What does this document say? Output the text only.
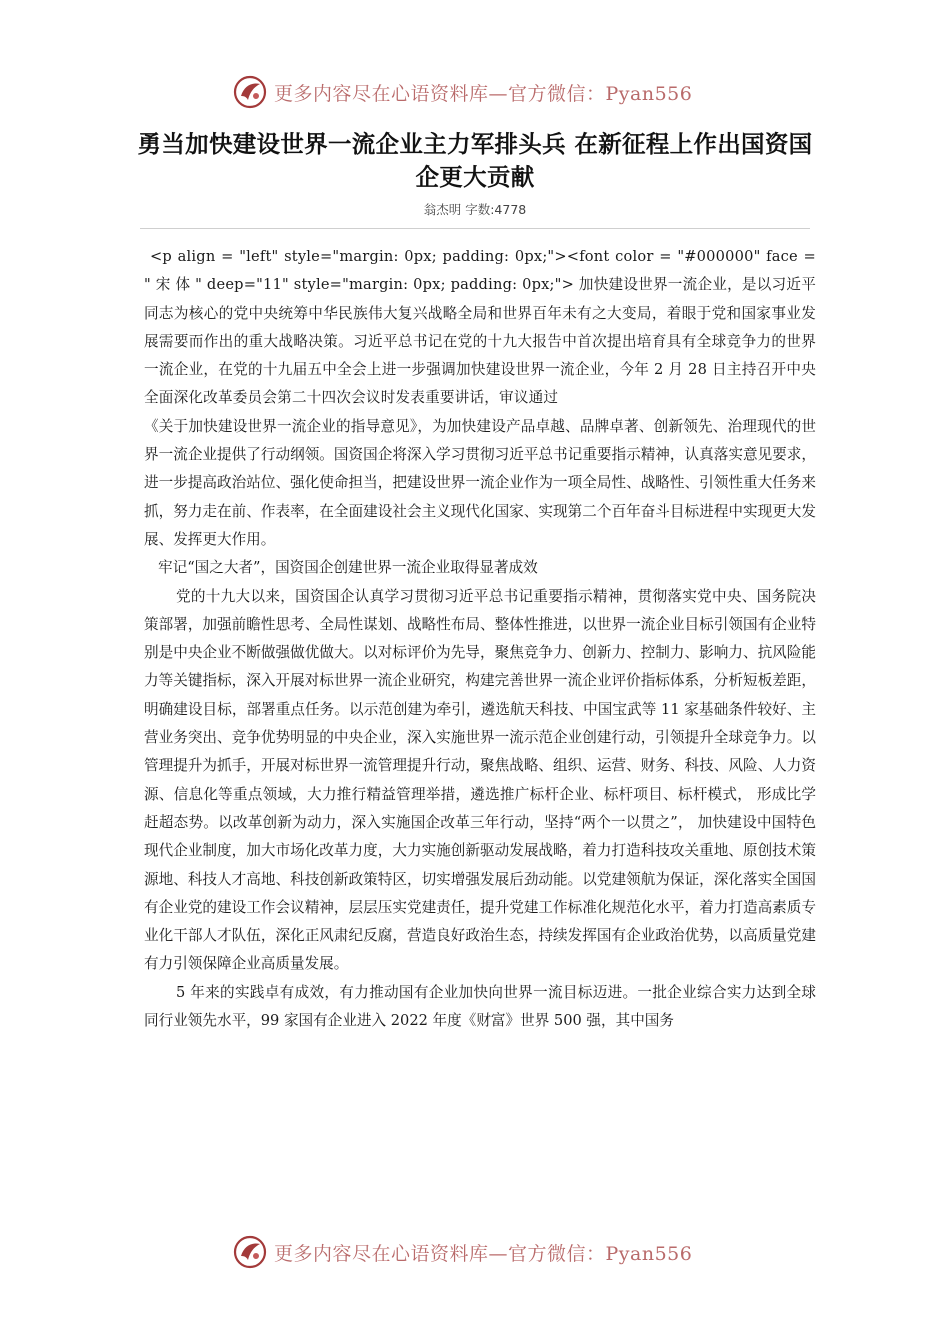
更多内容尽在心语资料库—官方微信：Pyan556
勇当加快建设世界一流企业主力军排头兵 在新征程上作出国资国企更大贡献
翁杰明 字数:4778

<p align = "left" style="margin: 0px; padding: 0px;"><font color = "#000000" face = " 宋 体 " deep="11" style="margin: 0px; padding: 0px;"> 加快建设世界一流企业，是以习近平同志为核心的党中央统筹中华民族伟大复兴战略全局和世界百年未有之大变局，着眼于党和国家事业发展需要而作出的重大战略决策。习近平总书记在党的十九大报告中首次提出培育具有全球竞争力的世界一流企业，在党的十九届五中全会上进一步强调加快建设世界一流企业，今年 2 月 28 日主持召开中央全面深化改革委员会第二十四次会议时发表重要讲话，审议通过

《关于加快建设世界一流企业的指导意见》，为加快建设产品卓越、品牌卓著、创新领先、治理现代的世界一流企业提供了行动纲领。国资国企将深入学习贯彻习近平总书记重要指示精神，认真落实意见要求，进一步提高政治站位、强化使命担当，把建设世界一流企业作为一项全局性、战略性、引领性重大任务来抓，努力走在前、作表率，在全面建设社会主义现代化国家、实现第二个百年奋斗目标进程中实现更大发展、发挥更大作用。

牢记“国之大者”，国资国企创建世界一流企业取得显著成效

党的十九大以来，国资国企认真学习贯彻习近平总书记重要指示精神，贯彻落实党中央、国务院决策部署，加强前瞻性思考、全局性谋划、战略性布局、整体性推进，以世界一流企业目标引领国有企业特别是中央企业不断做强做优做大。以对标评价为先导，聚焦竞争力、创新力、控制力、影响力、抗风险能力等关键指标，深入开展对标世界一流企业研究，构建完善世界一流企业评价指标体系，分析短板差距，明确建设目标，部署重点任务。以示范创建为牵引，遴选航天科技、中国宝武等 11 家基础条件较好、主营业务突出、竞争优势明显的中央企业，深入实施世界一流示范企业创建行动，引领提升全球竞争力。以管理提升为抓手，开展对标世界一流管理提升行动，聚焦战略、组织、运营、财务、科技、风险、人力资源、信息化等重点领域，大力推行精益管理举措，遴选推广标杆企业、标杆项目、标杆模式， 形成比学赶超态势。以改革创新为动力，深入实施国企改革三年行动，坚持“两个一以贯之”， 加快建设中国特色现代企业制度，加大市场化改革力度，大力实施创新驱动发展战略，着力打造科技攻关重地、原创技术策源地、科技人才高地、科技创新政策特区，切实增强发展后劲动能。以党建领航为保证，深化落实全国国有企业党的建设工作会议精神，层层压实党建责任，提升党建工作标准化规范化水平，着力打造高素质专业化干部人才队伍，深化正风肃纪反腐，营造良好政治生态，持续发挥国有企业政治优势，以高质量党建有力引领保障企业高质量发展。

5 年来的实践卓有成效，有力推动国有企业加快向世界一流目标迈进。一批企业综合实力达到全球同行业领先水平，99 家国有企业进入 2022 年度《财富》世界 500 强，其中国务

更多内容尽在心语资料库—官方微信：Pyan556
